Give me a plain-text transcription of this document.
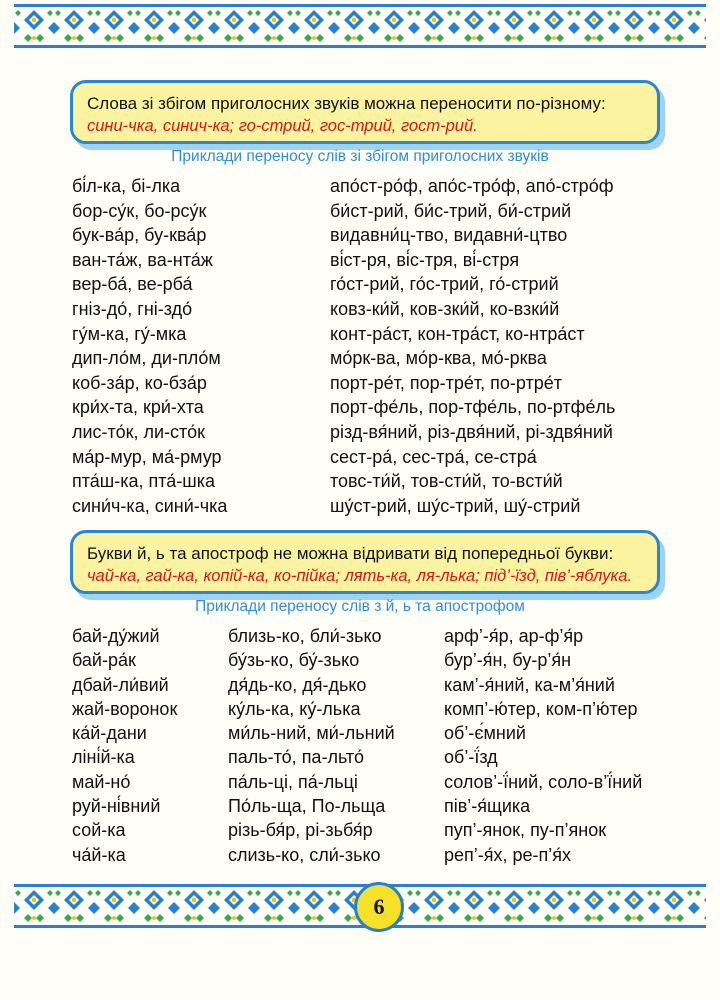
Слова зі збігом приголосних звуків можна переносити по-різному:
сини-чка, синич-ка; го-стрий, гос-трий, гост-рий.
Приклади переносу слів зі збігом приголосних звуків
бі́л-ка, бі-лка
бор-су́к, бо-рсу́к
бук-ва́р, бу-ква́р
ван-та́ж, ва-нта́ж
вер-ба́, ве-рба́
гніз-до́, гні-здо́
гу́м-ка, гу́-мка
дип-ло́м, ди-пло́м
коб-за́р, ко-бза́р
кри́х-та, кри́-хта
лис-то́к, ли-сто́к
ма́р-мур, ма́-рмур
пта́ш-ка, пта́-шка
сини́ч-ка, сини́-чка
апо́ст-ро́ф, апо́с-тро́ф, апо́-стро́ф
би́ст-рий, би́с-трий, би́-стрий
видавни́ц-тво, видавни́-цтво
ві́ст-ря, ві́с-тря, ві́-стря
го́ст-рий, го́с-трий, го́-стрий
ковз-ки́й, ков-зки́й, ко-взки́й
конт-ра́ст, кон-тра́ст, ко-нтра́ст
мо́рк-ва, мо́р-ква, мо́-рква
порт-ре́т, пор-тре́т, по-ртре́т
порт-фе́ль, пор-тфе́ль, по-ртфе́ль
різд-вя́ний, різ-двя́ний, рі-здвя́ний
сест-ра́, сес-тра́, се-стра́
товс-ти́й, тов-сти́й, то-вcти́й
шу́ст-рий, шу́с-трий, шу́-стрий
Букви й, ь та апостроф не можна відривати від попередньої букви:
чай-ка, гай-ка, копій-ка, ко-пійка; лять-ка, ля-лька; під’-їзд, пів’-яблука.
Приклади переносу слів з й, ь та апострофом
бай-ду́жий
бай-ра́к
дбай-ли́вий
жай-воронок
ка́й-дани
ліні́й-ка
май-но́
руй-ні́вний
сой-ка
ча́й-ка
близь-ко, бли́-зько
бу́зь-ко, бу́-зько
дя́дь-ко, дя́-дько
ку́ль-ка, ку́-лька
ми́ль-ний, ми́-льний
паль-то́, па-льто́
па́ль-ці, па́-льці
По́ль-ща, По-льща
різь-бя́р, рі-зьбя́р
слизь-ко, сли́-зько
арф’-я́р, ар-ф’я́р
бур’-я́н, бу-р’я́н
кам’-я́ний, ка-м’я́ний
комп’-ю́тер, ком-п’ю́тер
об’-є́мний
об’-ї́зд
солов’-ї́ний, соло-в’ї́ний
пів’-я́щика
пуп’-янок, пу-п’янок
реп’-я́х, ре-п’я́х
6
